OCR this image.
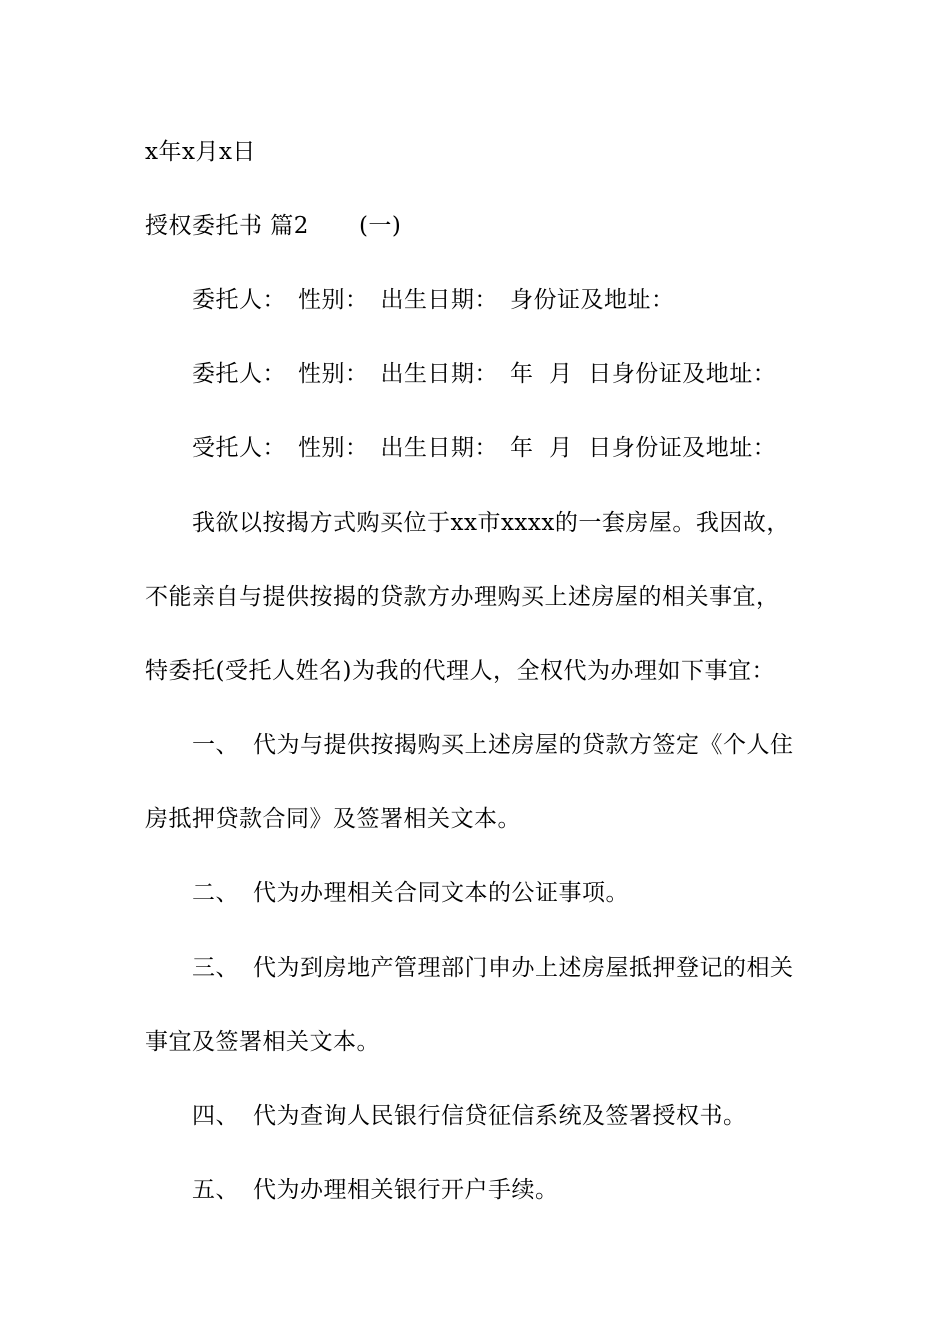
x年x月x日
授权委托书 篇2 (一)
委托人： 性别： 出生日期： 身份证及地址：
委托人： 性别： 出生日期： 年  月  日身份证及地址：
受托人： 性别： 出生日期： 年  月  日身份证及地址：
我欲以按揭方式购买位于xx市xxxx的一套房屋。我因故，
不能亲自与提供按揭的贷款方办理购买上述房屋的相关事宜，
特委托(受托人姓名)为我的代理人，全权代为办理如下事宜：
一、 代为与提供按揭购买上述房屋的贷款方签定《个人住
房抵押贷款合同》及签署相关文本。
二、 代为办理相关合同文本的公证事项。
三、 代为到房地产管理部门申办上述房屋抵押登记的相关
事宜及签署相关文本。
四、 代为查询人民银行信贷征信系统及签署授权书。
五、 代为办理相关银行开户手续。
